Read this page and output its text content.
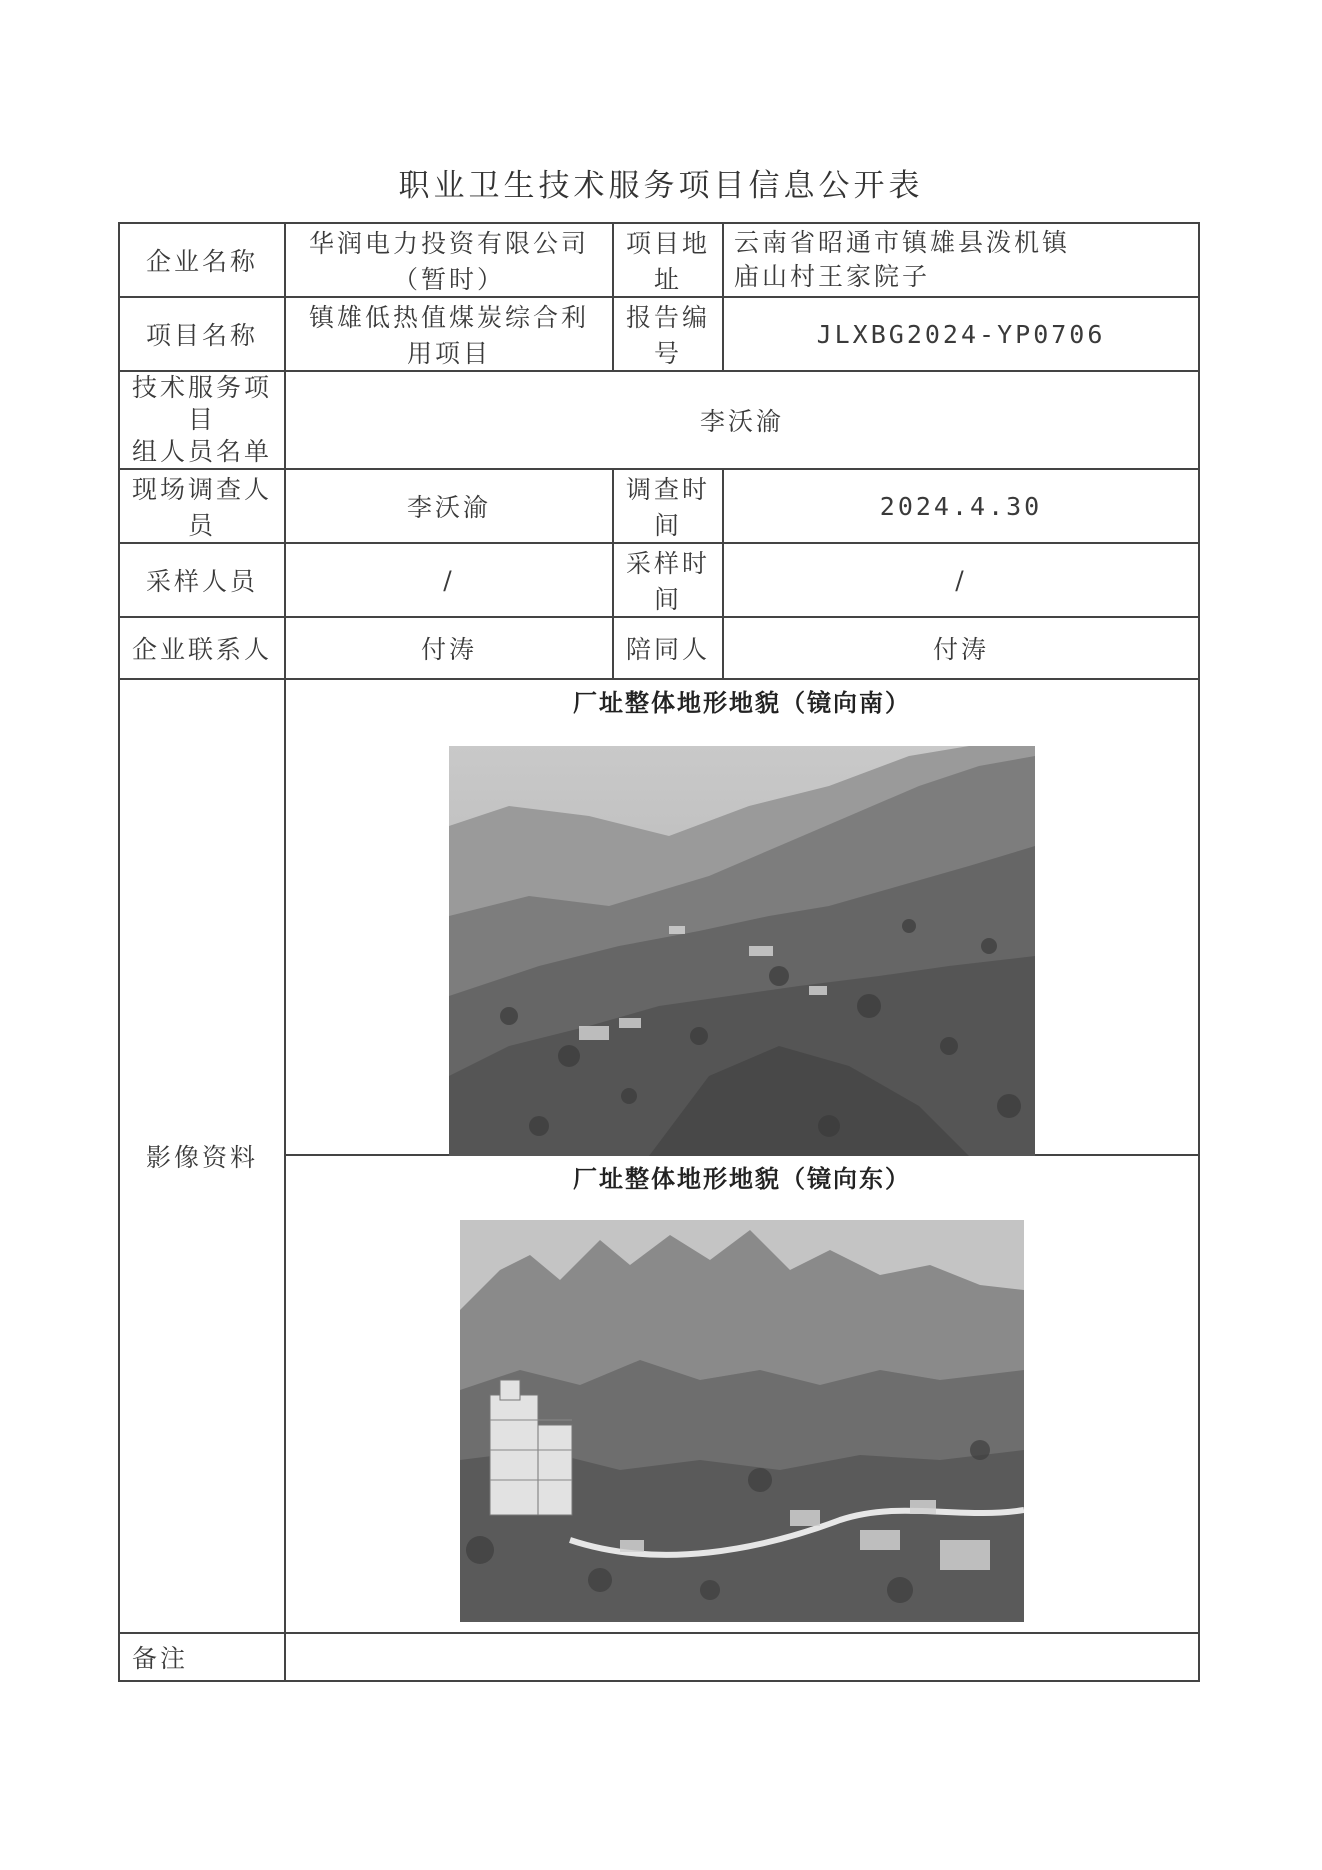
职业卫生技术服务项目信息公开表
企业名称	华润电力投资有限公司（暂时）	项目地址	云南省昭通市镇雄县泼机镇
庙山村王家院子

项目名称	镇雄低热值煤炭综合利用项目	报告编号	JLXBG2024-YP0706

技术服务项目
组人员名单	李沃渝		
现场调查人员	李沃渝	调查时间	2024.4.30
采样人员	/	采样时间	/
企业联系人	付涛	陪同人	付涛
影像资料	厂址整体地形地貌（镜向南）
厂址整体地形地貌（镜向东）		

备注			
